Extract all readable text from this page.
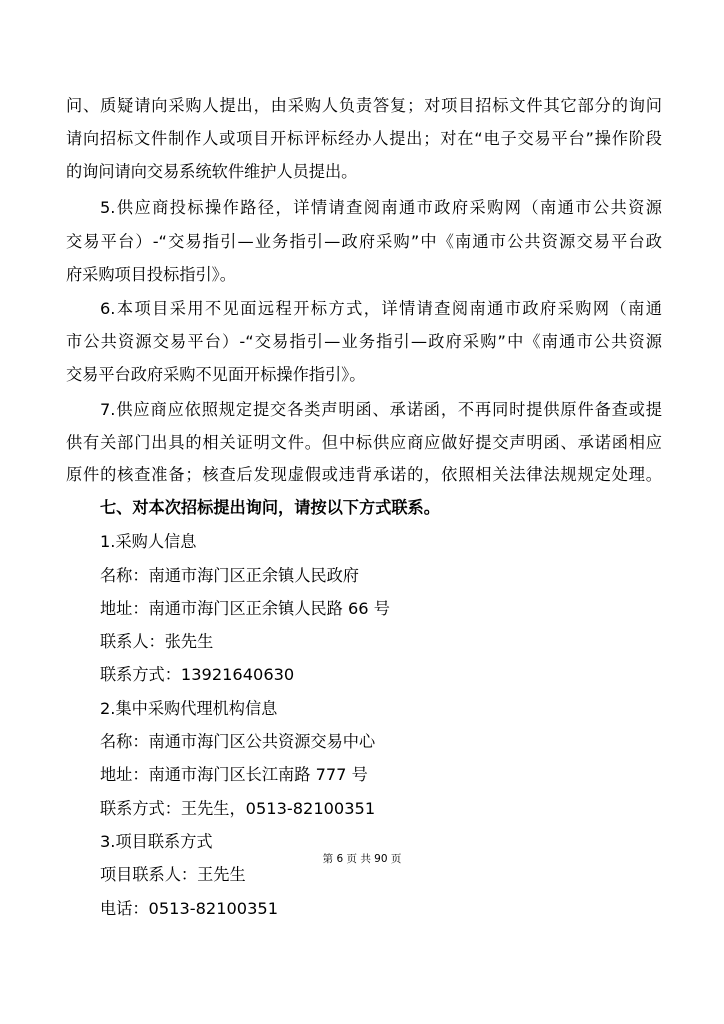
问、质疑请向采购人提出，由采购人负责答复；对项目招标文件其它部分的询问
请向招标文件制作人或项目开标评标经办人提出；对在“电子交易平台”操作阶段
的询问请向交易系统软件维护人员提出。
5.供应商投标操作路径，详情请查阅南通市政府采购网（南通市公共资源
交易平台）-“交易指引—业务指引—政府采购”中《南通市公共资源交易平台政
府采购项目投标指引》。
6.本项目采用不见面远程开标方式，详情请查阅南通市政府采购网（南通
市公共资源交易平台）-“交易指引—业务指引—政府采购”中《南通市公共资源
交易平台政府采购不见面开标操作指引》。
7.供应商应依照规定提交各类声明函、承诺函，不再同时提供原件备查或提
供有关部门出具的相关证明文件。但中标供应商应做好提交声明函、承诺函相应
原件的核查准备；核查后发现虚假或违背承诺的，依照相关法律法规规定处理。
七、对本次招标提出询问，请按以下方式联系。
1.采购人信息
名称：南通市海门区正余镇人民政府
地址：南通市海门区正余镇人民路 66 号
联系人：张先生
联系方式：13921640630
2.集中采购代理机构信息
名称：南通市海门区公共资源交易中心
地址：南通市海门区长江南路 777 号
联系方式：王先生，0513-82100351
3.项目联系方式
项目联系人：王先生
电话：0513-82100351
第 6 页 共 90 页
